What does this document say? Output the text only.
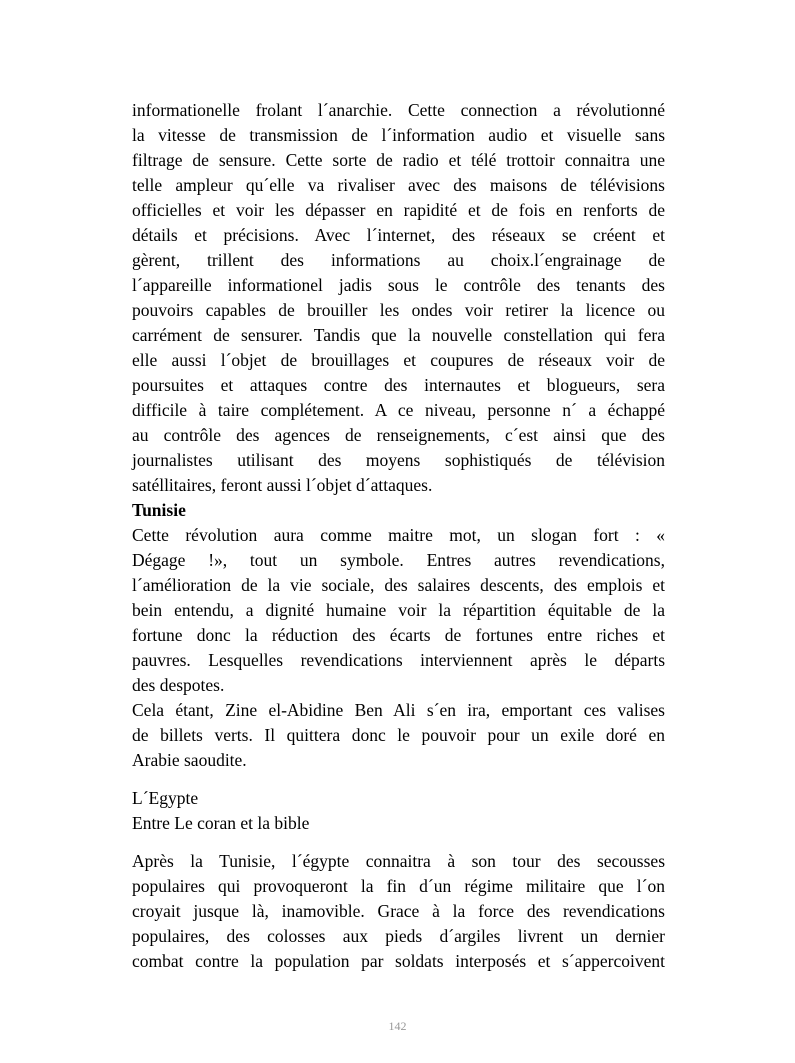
informationelle frolant l´anarchie. Cette connection a révolutionné
la vitesse de transmission de l´information audio et visuelle sans
filtrage de sensure. Cette sorte de radio et télé trottoir connaitra une
telle ampleur qu´elle va rivaliser avec des maisons de télévisions
officielles et voir les dépasser en rapidité et de fois en renforts de
détails et précisions. Avec l´internet, des réseaux se créent et
gèrent, trillent des informations au choix.l´engrainage de
l´appareille informationel jadis sous le contrôle des tenants des
pouvoirs capables de brouiller les ondes voir retirer la licence ou
carrément de sensurer. Tandis que la nouvelle constellation qui fera
elle aussi l´objet de brouillages et coupures de réseaux voir de
poursuites et attaques contre des internautes et blogueurs, sera
difficile à taire complétement. A ce niveau, personne n´ a échappé
au contrôle des agences de renseignements, c´est ainsi que des
journalistes utilisant des moyens sophistiqués de télévision
satéllitaires, feront aussi l´objet d´attaques.
Tunisie
Cette révolution aura comme maitre mot, un slogan fort : «
Dégage !», tout un symbole. Entres autres revendications,
l´amélioration de la vie sociale, des salaires descents, des emplois et
bein entendu, a dignité humaine voir la répartition équitable de la
fortune donc la réduction des écarts de fortunes entre riches et
pauvres. Lesquelles revendications interviennent après le départs
des despotes.
Cela étant, Zine el-Abidine Ben Ali s´en ira, emportant ces valises
de billets verts. Il quittera donc le pouvoir pour un exile doré en
Arabie saoudite.
L´Egypte
Entre Le coran et la bible
Après la Tunisie, l´égypte connaitra à son tour des secousses
populaires qui provoqueront la fin d´un régime militaire que l´on
croyait jusque là, inamovible. Grace à la force des revendications
populaires, des colosses aux pieds d´argiles livrent un dernier
combat contre la population par soldats interposés et s´appercoivent
142
